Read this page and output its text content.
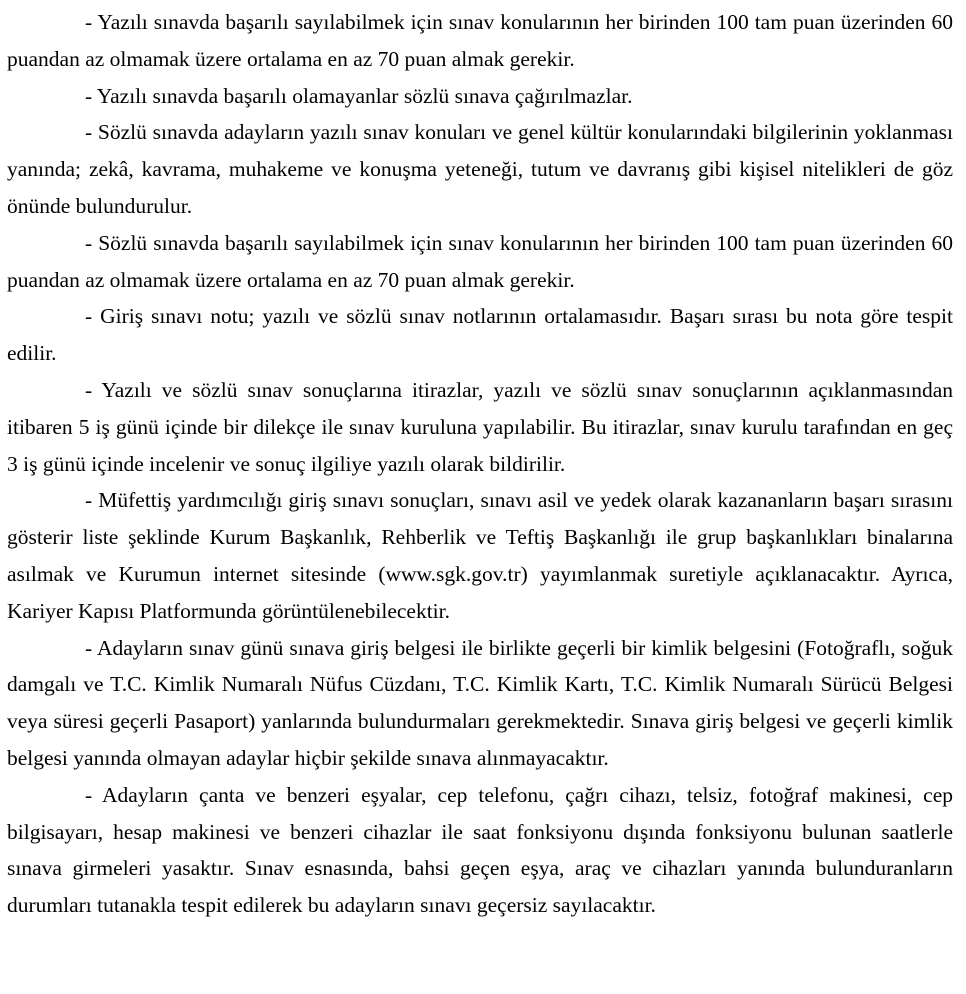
- Yazılı sınavda başarılı sayılabilmek için sınav konularının her birinden 100 tam puan üzerinden 60 puandan az olmamak üzere ortalama en az 70 puan almak gerekir.

- Yazılı sınavda başarılı olamayanlar sözlü sınava çağırılmazlar.

- Sözlü sınavda adayların yazılı sınav konuları ve genel kültür konularındaki bilgilerinin yoklanması yanında; zekâ, kavrama, muhakeme ve konuşma yeteneği, tutum ve davranış gibi kişisel nitelikleri de göz önünde bulundurulur.

- Sözlü sınavda başarılı sayılabilmek için sınav konularının her birinden 100 tam puan üzerinden 60 puandan az olmamak üzere ortalama en az 70 puan almak gerekir.

- Giriş sınavı notu; yazılı ve sözlü sınav notlarının ortalamasıdır. Başarı sırası bu nota göre tespit edilir.

- Yazılı ve sözlü sınav sonuçlarına itirazlar, yazılı ve sözlü sınav sonuçlarının açıklanmasından itibaren 5 iş günü içinde bir dilekçe ile sınav kuruluna yapılabilir. Bu itirazlar, sınav kurulu tarafından en geç 3 iş günü içinde incelenir ve sonuç ilgiliye yazılı olarak bildirilir.

- Müfettiş yardımcılığı giriş sınavı sonuçları, sınavı asil ve yedek olarak kazananların başarı sırasını gösterir liste şeklinde Kurum Başkanlık, Rehberlik ve Teftiş Başkanlığı ile grup başkanlıkları binalarına asılmak ve Kurumun internet sitesinde (www.sgk.gov.tr) yayımlanmak suretiyle açıklanacaktır. Ayrıca, Kariyer Kapısı Platformunda görüntülenebilecektir.

- Adayların sınav günü sınava giriş belgesi ile birlikte geçerli bir kimlik belgesini (Fotoğraflı, soğuk damgalı ve T.C. Kimlik Numaralı Nüfus Cüzdanı, T.C. Kimlik Kartı, T.C. Kimlik Numaralı Sürücü Belgesi veya süresi geçerli Pasaport) yanlarında bulundurmaları gerekmektedir. Sınava giriş belgesi ve geçerli kimlik belgesi yanında olmayan adaylar hiçbir şekilde sınava alınmayacaktır.

- Adayların çanta ve benzeri eşyalar, cep telefonu, çağrı cihazı, telsiz, fotoğraf makinesi, cep bilgisayarı, hesap makinesi ve benzeri cihazlar ile saat fonksiyonu dışında fonksiyonu bulunan saatlerle sınava girmeleri yasaktır. Sınav esnasında, bahsi geçen eşya, araç ve cihazları yanında bulunduranların durumları tutanakla tespit edilerek bu adayların sınavı geçersiz sayılacaktır.
